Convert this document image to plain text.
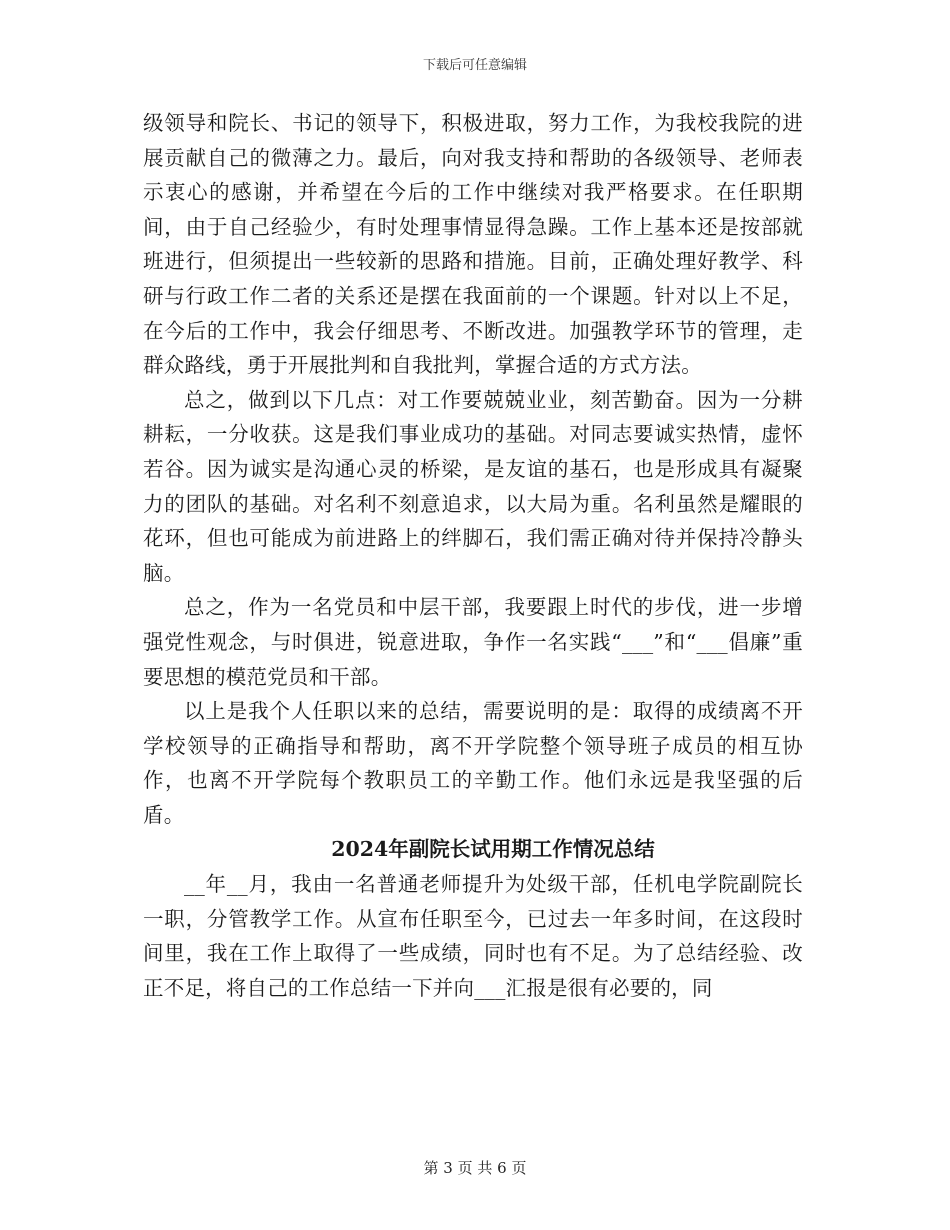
下载后可任意编辑

级领导和院长、书记的领导下，积极进取，努力工作，为我校我院的进展贡献自己的微薄之力。最后，向对我支持和帮助的各级领导、老师表示衷心的感谢，并希望在今后的工作中继续对我严格要求。在任职期间，由于自己经验少，有时处理事情显得急躁。工作上基本还是按部就班进行，但须提出一些较新的思路和措施。目前，正确处理好教学、科研与行政工作二者的关系还是摆在我面前的一个课题。针对以上不足，在今后的工作中，我会仔细思考、不断改进。加强教学环节的管理，走群众路线，勇于开展批判和自我批判，掌握合适的方式方法。

总之，做到以下几点：对工作要兢兢业业，刻苦勤奋。因为一分耕耕耘，一分收获。这是我们事业成功的基础。对同志要诚实热情，虚怀若谷。因为诚实是沟通心灵的桥梁，是友谊的基石，也是形成具有凝聚力的团队的基础。对名利不刻意追求，以大局为重。名利虽然是耀眼的花环，但也可能成为前进路上的绊脚石，我们需正确对待并保持冷静头脑。

总之，作为一名党员和中层干部，我要跟上时代的步伐，进一步增强党性观念，与时俱进，锐意进取，争作一名实践“___”和“___倡廉”重要思想的模范党员和干部。

以上是我个人任职以来的总结，需要说明的是：取得的成绩离不开学校领导的正确指导和帮助，离不开学院整个领导班子成员的相互协作，也离不开学院每个教职员工的辛勤工作。他们永远是我坚强的后盾。

2024年副院长试用期工作情况总结

__年__月，我由一名普通老师提升为处级干部，任机电学院副院长一职，分管教学工作。从宣布任职至今，已过去一年多时间，在这段时间里，我在工作上取得了一些成绩，同时也有不足。为了总结经验、改正不足，将自己的工作总结一下并向___汇报是很有必要的，同

第 3 页 共 6 页
